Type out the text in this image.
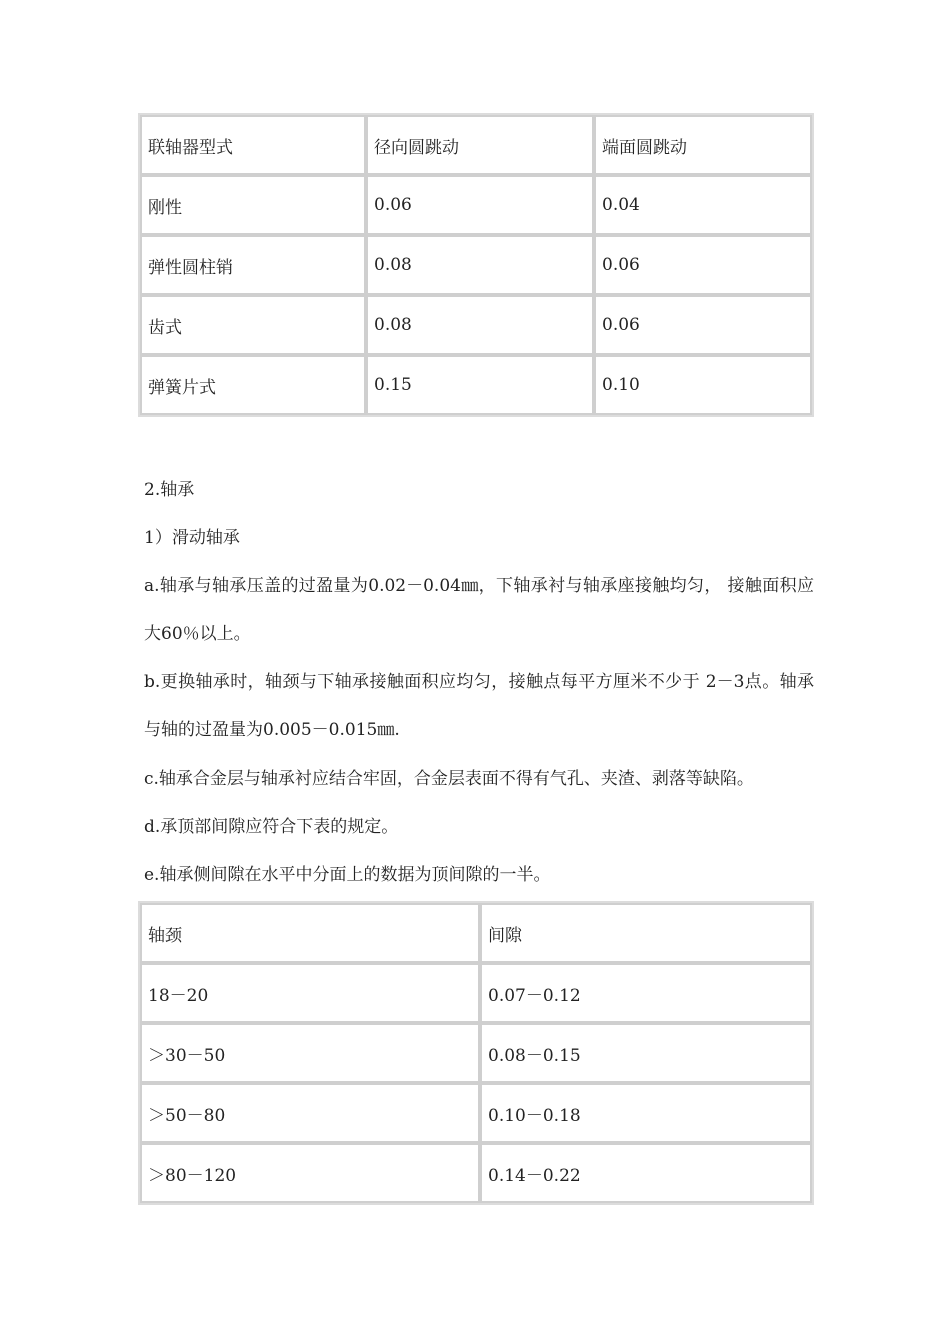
联轴器型式	径向圆跳动	端面圆跳动
刚性	0.06	0.04
弹性圆柱销	0.08	0.06
齿式	0.08	0.06
弹簧片式	0.15	0.10

2.轴承

1）滑动轴承

a.轴承与轴承压盖的过盈量为0.02－0.04㎜，下轴承衬与轴承座接触均匀， 接触面积应大60％以上。

b.更换轴承时，轴颈与下轴承接触面积应均匀，接触点每平方厘米不少于 2－3点。轴承与轴的过盈量为0.005－0.015㎜.

c.轴承合金层与轴承衬应结合牢固，合金层表面不得有气孔、夹渣、剥落等缺陷。

d.承顶部间隙应符合下表的规定。

e.轴承侧间隙在水平中分面上的数据为顶间隙的一半。

轴颈	间隙
18－20	0.07－0.12
＞30－50	0.08－0.15
＞50－80	0.10－0.18
＞80－120	0.14－0.22
